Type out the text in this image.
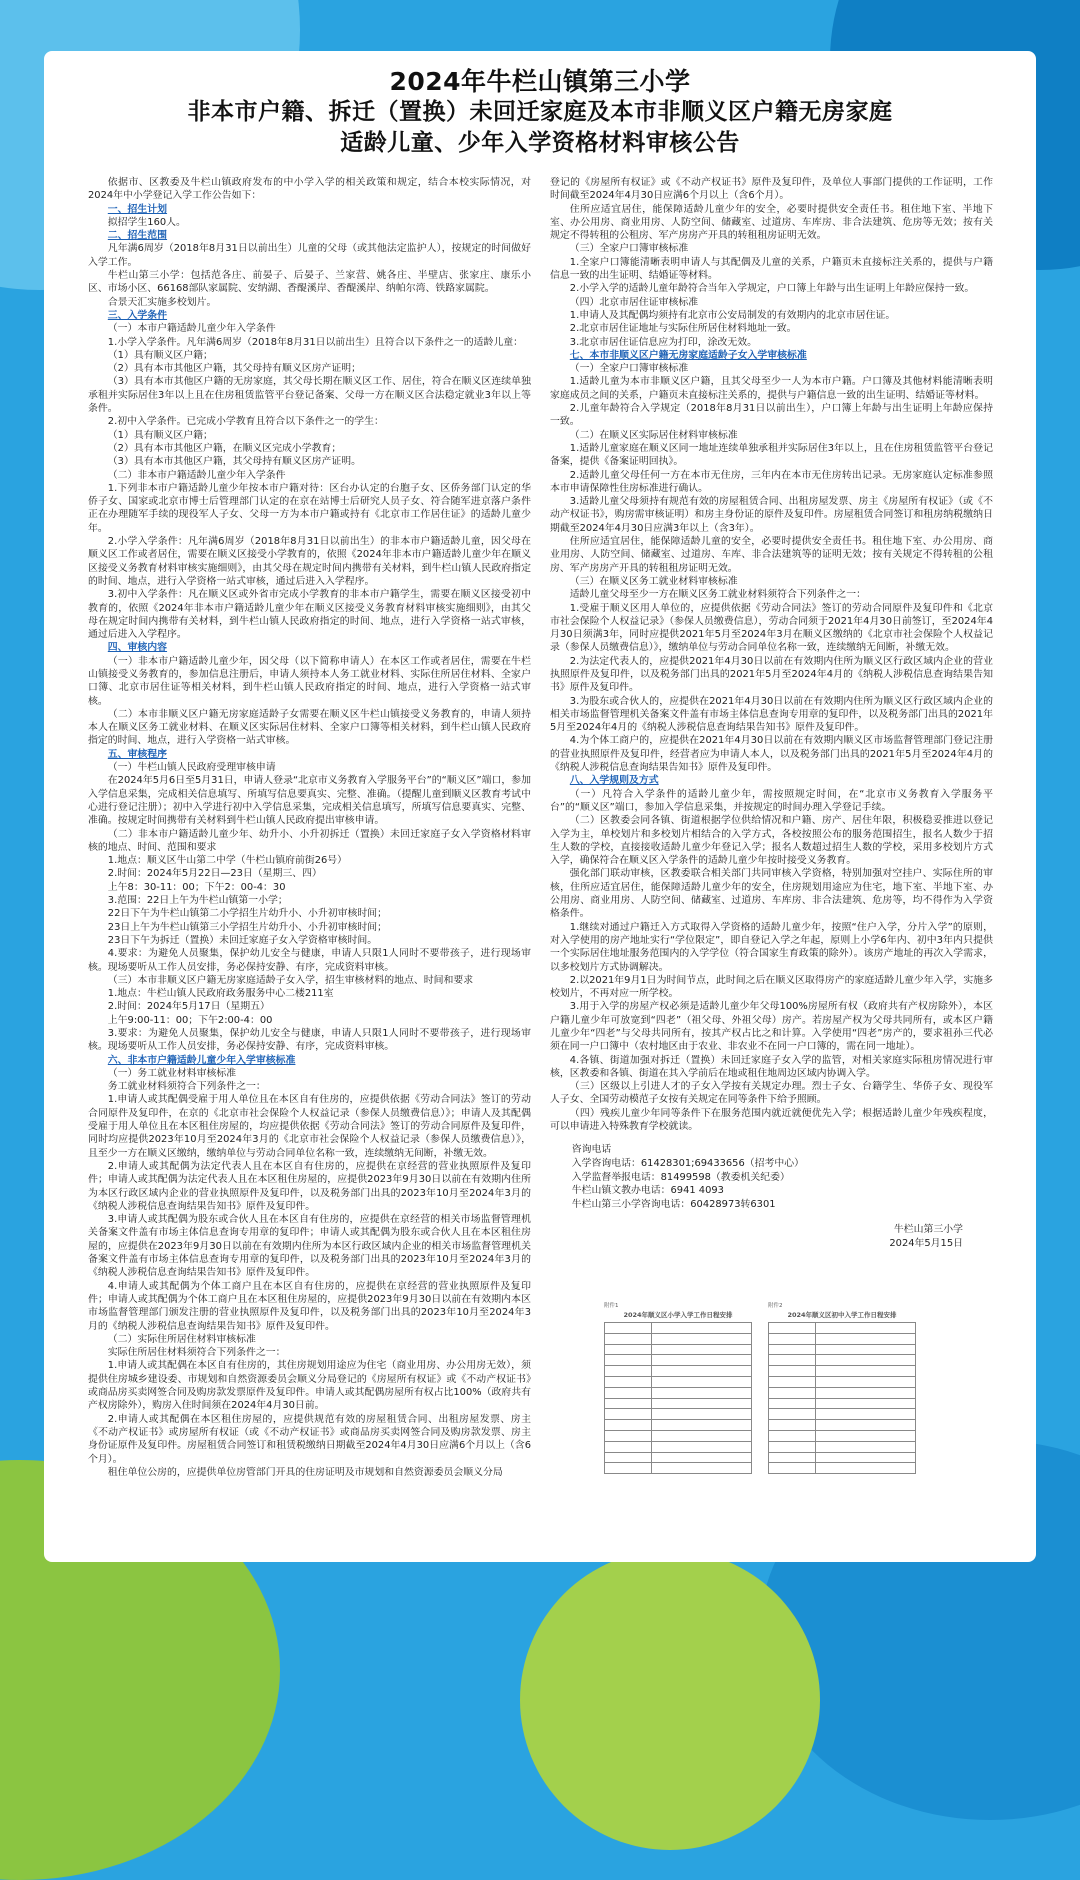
2024年牛栏山镇第三小学
非本市户籍、拆迁（置换）未回迁家庭及本市非顺义区户籍无房家庭
适龄儿童、少年入学资格材料审核公告

依据市、区教委及牛栏山镇政府发布的中小学入学的相关政策和规定，结合本校实际情况，对2024年中小学登记入学工作公告如下：

一、招生计划

拟招学生160人。

二、招生范围

凡年满6周岁（2018年8月31日以前出生）儿童的父母（或其他法定监护人），按规定的时间做好入学工作。

牛栏山第三小学：包括范各庄、前晏子、后晏子、兰家营、姚各庄、半壁店、张家庄、康乐小区、市场小区、66168部队家属院、安纳湖、香醍溪岸、香醍溪岸、纳帕尔湾、铁路家属院。

合景天汇实施多校划片。

三、入学条件

（一）本市户籍适龄儿童少年入学条件

1.小学入学条件。凡年满6周岁（2018年8月31日以前出生）且符合以下条件之一的适龄儿童：

（1）具有顺义区户籍；

（2）具有本市其他区户籍，其父母持有顺义区房产证明；

（3）具有本市其他区户籍的无房家庭，其父母长期在顺义区工作、居住，符合在顺义区连续单独承租并实际居住3年以上且在住房租赁监管平台登记备案、父母一方在顺义区合法稳定就业3年以上等条件。

2.初中入学条件。已完成小学教育且符合以下条件之一的学生：

（1）具有顺义区户籍；

（2）具有本市其他区户籍，在顺义区完成小学教育；

（3）具有本市其他区户籍，其父母持有顺义区房产证明。

（二）非本市户籍适龄儿童少年入学条件

1.下列非本市户籍适龄儿童少年按本市户籍对待：区台办认定的台胞子女、区侨务部门认定的华侨子女、国家或北京市博士后管理部门认定的在京在站博士后研究人员子女、符合随军进京落户条件正在办理随军手续的现役军人子女、父母一方为本市户籍或持有《北京市工作居住证》的适龄儿童少年。

2.小学入学条件：凡年满6周岁（2018年8月31日以前出生）的非本市户籍适龄儿童，因父母在顺义区工作或者居住，需要在顺义区接受小学教育的，依照《2024年非本市户籍适龄儿童少年在顺义区接受义务教育材料审核实施细则》，由其父母在规定时间内携带有关材料，到牛栏山镇人民政府指定的时间、地点，进行入学资格一站式审核，通过后进入入学程序。

3.初中入学条件：凡在顺义区或外省市完成小学教育的非本市户籍学生，需要在顺义区接受初中教育的，依照《2024年非本市户籍适龄儿童少年在顺义区接受义务教育材料审核实施细则》，由其父母在规定时间内携带有关材料，到牛栏山镇人民政府指定的时间、地点，进行入学资格一站式审核，通过后进入入学程序。

四、审核内容

（一）非本市户籍适龄儿童少年，因父母（以下简称申请人）在本区工作或者居住，需要在牛栏山镇接受义务教育的，参加信息注册后，申请人须持本人务工就业材料、实际住所居住材料、全家户口簿、北京市居住证等相关材料，到牛栏山镇人民政府指定的时间、地点，进行入学资格一站式审核。

（二）本市非顺义区户籍无房家庭适龄子女需要在顺义区牛栏山镇接受义务教育的，申请人须持本人在顺义区务工就业材料、在顺义区实际居住材料、全家户口簿等相关材料，到牛栏山镇人民政府指定的时间、地点，进行入学资格一站式审核。

五、审核程序

（一）牛栏山镇人民政府受理审核申请

在2024年5月6日至5月31日，申请人登录“北京市义务教育入学服务平台”的“顺义区”端口，参加入学信息采集，完成相关信息填写、所填写信息要真实、完整、准确。（提醒儿童到顺义区教育考试中心进行登记注册）；初中入学进行初中入学信息采集，完成相关信息填写，所填写信息要真实、完整、准确。按规定时间携带有关材料到牛栏山镇人民政府提出审核申请。

（二）非本市户籍适龄儿童少年、幼升小、小升初拆迁（置换）未回迁家庭子女入学资格材料审核的地点、时间、范围和要求

1.地点：顺义区牛山第二中学（牛栏山镇府前街26号）

2.时间：2024年5月22日—23日（星期三、四）

上午8：30-11：00；下午2：00-4：30

3.范围：22日上午为牛栏山镇第一小学；

22日下午为牛栏山镇第二小学招生片幼升小、小升初审核时间；

23日上午为牛栏山镇第三小学招生片幼升小、小升初审核时间；

23日下午为拆迁（置换）未回迁家庭子女入学资格审核时间。

4.要求：为避免人员聚集，保护幼儿安全与健康，申请人只限1人同时不要带孩子，进行现场审核。现场要听从工作人员安排，务必保持安静、有序，完成资料审核。

（三）本市非顺义区户籍无房家庭适龄子女入学，招生审核材料的地点、时间和要求

1.地点：牛栏山镇人民政府政务服务中心二楼211室

2.时间：2024年5月17日（星期五）

上午9:00-11：00；下午2:00-4：00

3.要求：为避免人员聚集，保护幼儿安全与健康，申请人只限1人同时不要带孩子，进行现场审核。现场要听从工作人员安排，务必保持安静、有序，完成资料审核。

六、非本市户籍适龄儿童少年入学审核标准

（一）务工就业材料审核标准

务工就业材料须符合下列条件之一：

1.申请人或其配偶受雇于用人单位且在本区自有住房的，应提供依据《劳动合同法》签订的劳动合同原件及复印件，在京的《北京市社会保险个人权益记录（参保人员缴费信息）》；申请人及其配偶受雇于用人单位且在本区租住房屋的，均应提供依据《劳动合同法》签订的劳动合同原件及复印件，同时均应提供2023年10月至2024年3月的《北京市社会保险个人权益记录（参保人员缴费信息）》，且至少一方在顺义区缴纳，缴纳单位与劳动合同单位名称一致，连续缴纳无间断，补缴无效。

2.申请人或其配偶为法定代表人且在本区自有住房的，应提供在京经营的营业执照原件及复印件；申请人或其配偶为法定代表人且在本区租住房屋的，应提供2023年9月30日以前在有效期内住所为本区行政区域内企业的营业执照原件及复印件，以及税务部门出具的2023年10月至2024年3月的《纳税人涉税信息查询结果告知书》原件及复印件。

3.申请人或其配偶为股东或合伙人且在本区自有住房的，应提供在京经营的相关市场监督管理机关备案文件盖有市场主体信息查询专用章的复印件；申请人或其配偶为股东或合伙人且在本区租住房屋的，应提供在2023年9月30日以前在有效期内住所为本区行政区域内企业的相关市场监督管理机关备案文件盖有市场主体信息查询专用章的复印件，以及税务部门出具的2023年10月至2024年3月的《纳税人涉税信息查询结果告知书》原件及复印件。

4.申请人或其配偶为个体工商户且在本区自有住房的，应提供在京经营的营业执照原件及复印件；申请人或其配偶为个体工商户且在本区租住房屋的，应提供2023年9月30日以前在有效期内本区市场监督管理部门颁发注册的营业执照原件及复印件，以及税务部门出具的2023年10月至2024年3月的《纳税人涉税信息查询结果告知书》原件及复印件。

（二）实际住所居住材料审核标准

实际住所居住材料须符合下列条件之一：

1.申请人或其配偶在本区自有住房的，其住房规划用途应为住宅（商业用房、办公用房无效），须提供住房城乡建设委、市规划和自然资源委员会顺义分局登记的《房屋所有权证》或《不动产权证书》或商品房买卖网签合同及购房款发票原件及复印件。申请人或其配偶房屋所有权占比100%（政府共有产权房除外），购房入住时间须在2024年4月30日前。

2.申请人或其配偶在本区租住房屋的，应提供规范有效的房屋租赁合同、出租房屋发票、房主《不动产权证书》或房屋所有权证（或《不动产权证书》或商品房买卖网签合同及购房款发票、房主身份证原件及复印件。房屋租赁合同签订和租赁税缴纳日期截至2024年4月30日应满6个月以上（含6个月）。

租住单位公房的，应提供单位房管部门开具的住房证明及市规划和自然资源委员会顺义分局

登记的《房屋所有权证》或《不动产权证书》原件及复印件，及单位人事部门提供的工作证明，工作时间截至2024年4月30日应满6个月以上（含6个月）。

住所应适宜居住，能保障适龄儿童少年的安全，必要时提供安全责任书。租住地下室、半地下室、办公用房、商业用房、人防空间、储藏室、过道房、车库房、非合法建筑、危房等无效；按有关规定不得转租的公租房、军产房房产开具的转租租房证明无效。

（三）全家户口簿审核标准

1.全家户口簿能清晰表明申请人与其配偶及儿童的关系，户籍页未直接标注关系的，提供与户籍信息一致的出生证明、结婚证等材料。

2.小学入学的适龄儿童年龄符合当年入学规定，户口簿上年龄与出生证明上年龄应保持一致。

（四）北京市居住证审核标准

1.申请人及其配偶均须持有北京市公安局制发的有效期内的北京市居住证。

2.北京市居住证地址与实际住所居住材料地址一致。

3.北京市居住证信息应为打印，涂改无效。

七、本市非顺义区户籍无房家庭适龄子女入学审核标准

（一）全家户口簿审核标准

1.适龄儿童为本市非顺义区户籍，且其父母至少一人为本市户籍。户口簿及其他材料能清晰表明家庭成员之间的关系，户籍页未直接标注关系的，提供与户籍信息一致的出生证明、结婚证等材料。

2.儿童年龄符合入学规定（2018年8月31日以前出生），户口簿上年龄与出生证明上年龄应保持一致。

（二）在顺义区实际居住材料审核标准

1.适龄儿童家庭在顺义区同一地址连续单独承租并实际居住3年以上，且在住房租赁监管平台登记备案，提供《备案证明回执》。

2.适龄儿童父母任何一方在本市无住房，三年内在本市无住房转出记录。无房家庭认定标准参照本市申请保障性住房标准进行确认。

3.适龄儿童父母须持有规范有效的房屋租赁合同、出租房屋发票、房主《房屋所有权证》（或《不动产权证书》，购房需审核证明）和房主身份证的原件及复印件。房屋租赁合同签订和租房纳税缴纳日期截至2024年4月30日应满3年以上（含3年）。

住所应适宜居住，能保障适龄儿童的安全，必要时提供安全责任书。租住地下室、办公用房、商业用房、人防空间、储藏室、过道房、车库、非合法建筑等的证明无效；按有关规定不得转租的公租房、军产房房产开具的转租租房证明无效。

（三）在顺义区务工就业材料审核标准

适龄儿童父母至少一方在顺义区务工就业材料须符合下列条件之一：

1.受雇于顺义区用人单位的，应提供依据《劳动合同法》签订的劳动合同原件及复印件和《北京市社会保险个人权益记录》（参保人员缴费信息），劳动合同须于2021年4月30日前签订，至2024年4月30日须满3年，同时应提供2021年5月至2024年3月在顺义区缴纳的《北京市社会保险个人权益记录（参保人员缴费信息）》，缴纳单位与劳动合同单位名称一致，连续缴纳无间断，补缴无效。

2.为法定代表人的，应提供2021年4月30日以前在有效期内住所为顺义区行政区域内企业的营业执照原件及复印件，以及税务部门出具的2021年5月至2024年4月的《纳税人涉税信息查询结果告知书》原件及复印件。

3.为股东或合伙人的，应提供在2021年4月30日以前在有效期内住所为顺义区行政区域内企业的相关市场监督管理机关备案文件盖有市场主体信息查询专用章的复印件，以及税务部门出具的2021年5月至2024年4月的《纳税人涉税信息查询结果告知书》原件及复印件。

4.为个体工商户的，应提供在2021年4月30日以前在有效期内顺义区市场监督管理部门登记注册的营业执照原件及复印件，经营者应为申请人本人，以及税务部门出具的2021年5月至2024年4月的《纳税人涉税信息查询结果告知书》原件及复印件。

八、入学规则及方式

（一）凡符合入学条件的适龄儿童少年，需按照规定时间，在“北京市义务教育入学服务平台”的“顺义区”端口，参加入学信息采集，并按规定的时间办理入学登记手续。

（二）区教委会同各镇、街道根据学位供给情况和户籍、房产、居住年限，积极稳妥推进以登记入学为主，单校划片和多校划片相结合的入学方式，各校按照公布的服务范围招生，报名人数少于招生人数的学校，直接接收适龄儿童少年登记入学；报名人数超过招生人数的学校，采用多校划片方式入学，确保符合在顺义区入学条件的适龄儿童少年按时接受义务教育。

强化部门联动审核，区教委联合相关部门共同审核入学资格，特别加强对空挂户、实际住所的审核，住所应适宜居住，能保障适龄儿童少年的安全，住房规划用途应为住宅，地下室、半地下室、办公用房、商业用房、人防空间、储藏室、过道房、车库房、非合法建筑、危房等，均不得作为入学资格条件。

1.继续对通过户籍迁入方式取得入学资格的适龄儿童少年，按照“住户入学，分片入学”的原则，对入学使用的房产地址实行“学位限定”，即自登记入学之年起，原则上小学6年内、初中3年内只提供一个实际居住地址服务范围内的入学学位（符合国家生育政策的除外）。该房产地址的再次入学需求，以多校划片方式协调解决。

2.以2021年9月1日为时间节点，此时间之后在顺义区取得房产的家庭适龄儿童少年入学，实施多校划片，不再对应一所学校。

3.用于入学的房屋产权必须是适龄儿童少年父母100%房屋所有权（政府共有产权房除外），本区户籍儿童少年可放宽到“四老”（祖父母、外祖父母）房产。若房屋产权为父母共同所有，或本区户籍儿童少年“四老”与父母共同所有，按其产权占比之和计算。入学使用“四老”房产的，要求祖孙三代必须在同一户口簿中（农村地区由于农业、非农业不在同一户口簿的，需在同一地址）。

4.各镇、街道加强对拆迁（置换）未回迁家庭子女入学的监管，对相关家庭实际租房情况进行审核，区教委和各镇、街道在其入学前后在地或租住地周边区域内协调入学。

（三）区级以上引进人才的子女入学按有关规定办理。烈士子女、台籍学生、华侨子女、现役军人子女、全国劳动模范子女按有关规定在同等条件下给予照顾。

（四）残疾儿童少年同等条件下在服务范围内就近就便优先入学；根据适龄儿童少年残疾程度，可以申请进入特殊教育学校就读。

咨询电话

入学咨询电话：61428301;69433656（招考中心）

入学监督举报电话：81499598（教委机关纪委）

牛栏山镇文教办电话：6941 4093

牛栏山第三小学咨询电话：60428973转6301

牛栏山第三小学

2024年5月15日

附件1
2024年顺义区小学入学工作日程安排

附件2
2024年顺义区初中入学工作日程安排
